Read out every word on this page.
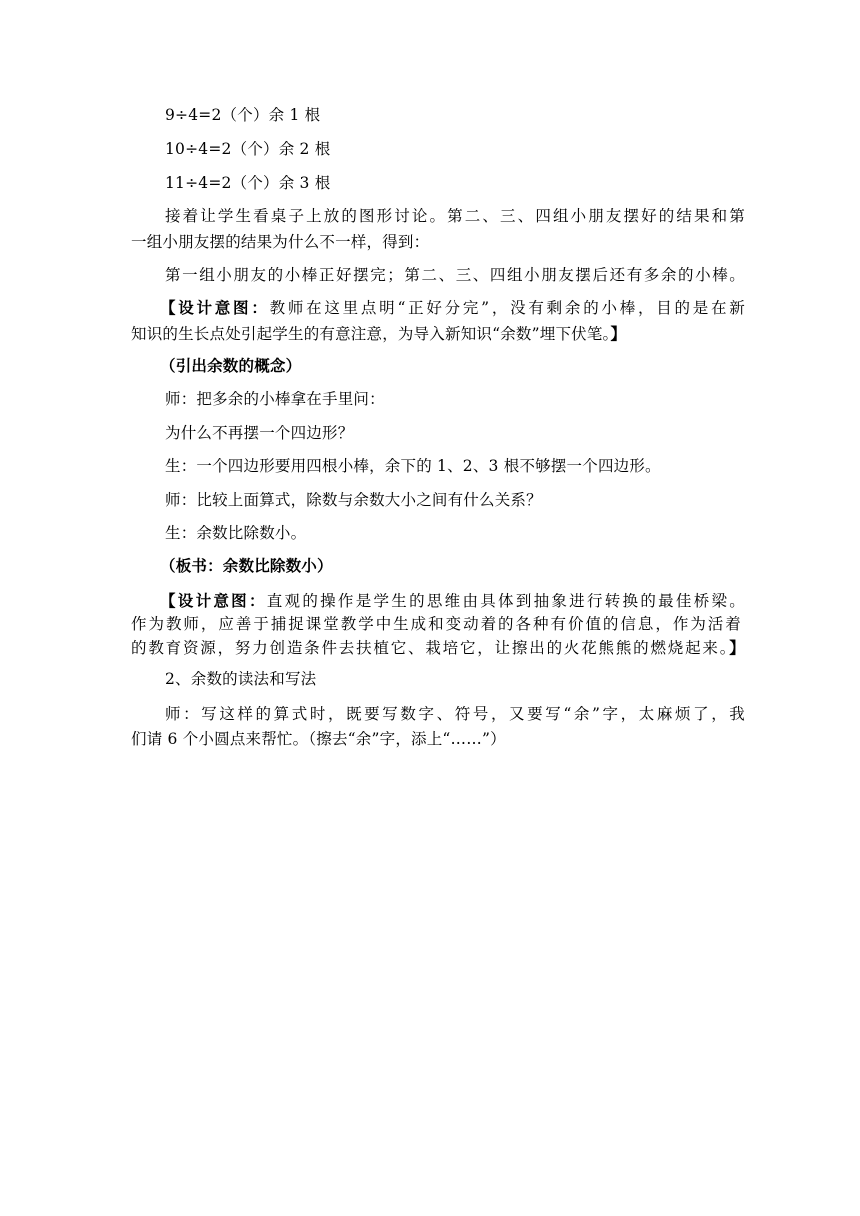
9÷4=2（个）余 1 根
10÷4=2（个）余 2 根
11÷4=2（个）余 3 根
接着让学生看桌子上放的图形讨论。第二、三、四组小朋友摆好的结果和第
一组小朋友摆的结果为什么不一样，得到：
第一组小朋友的小棒正好摆完；第二、三、四组小朋友摆后还有多余的小棒。
【设计意图：教师在这里点明“正好分完”，没有剩余的小棒，目的是在新
知识的生长点处引起学生的有意注意，为导入新知识“余数”埋下伏笔。】
（引出余数的概念）
师：把多余的小棒拿在手里问：
为什么不再摆一个四边形？
生：一个四边形要用四根小棒，余下的 1、2、3 根不够摆一个四边形。
师：比较上面算式，除数与余数大小之间有什么关系？
生：余数比除数小。
（板书：余数比除数小）
【设计意图：直观的操作是学生的思维由具体到抽象进行转换的最佳桥梁。
作为教师，应善于捕捉课堂教学中生成和变动着的各种有价值的信息，作为活着
的教育资源，努力创造条件去扶植它、栽培它，让擦出的火花熊熊的燃烧起来。】
2、余数的读法和写法
师：写这样的算式时，既要写数字、符号，又要写“余”字，太麻烦了，我
们请 6 个小圆点来帮忙。（擦去“余”字，添上“……”）
